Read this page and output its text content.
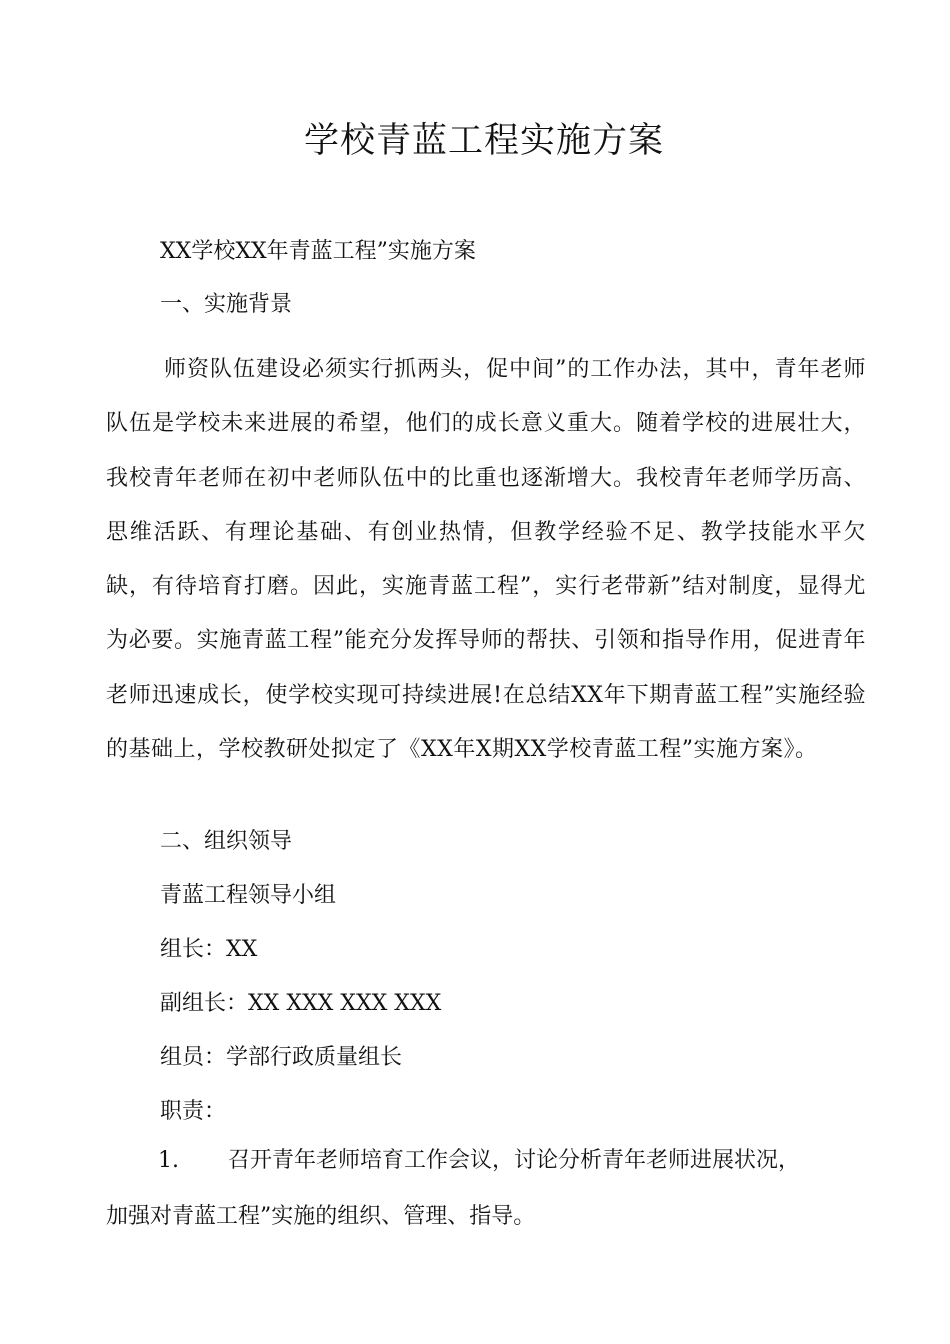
学校青蓝工程实施方案

XX学校XX年青蓝工程”实施方案

一、实施背景

师资队伍建设必须实行抓两头，促中间”的工作办法，其中，青年老师队伍是学校未来进展的希望，他们的成长意义重大。随着学校的进展壮大，我校青年老师在初中老师队伍中的比重也逐渐增大。我校青年老师学历高、思维活跃、有理论基础、有创业热情，但教学经验不足、教学技能水平欠缺，有待培育打磨。因此，实施青蓝工程”，实行老带新”结对制度，显得尤为必要。实施青蓝工程”能充分发挥导师的帮扶、引领和指导作用，促进青年老师迅速成长，使学校实现可持续进展!在总结XX年下期青蓝工程”实施经验的基础上，学校教研处拟定了《XX年X期XX学校青蓝工程”实施方案》。

二、组织领导

青蓝工程领导小组

组长：XX

副组长：XX XXX XXX XXX

组员：学部行政质量组长

职责：

1. 召开青年老师培育工作会议，讨论分析青年老师进展状况，加强对青蓝工程”实施的组织、管理、指导。
